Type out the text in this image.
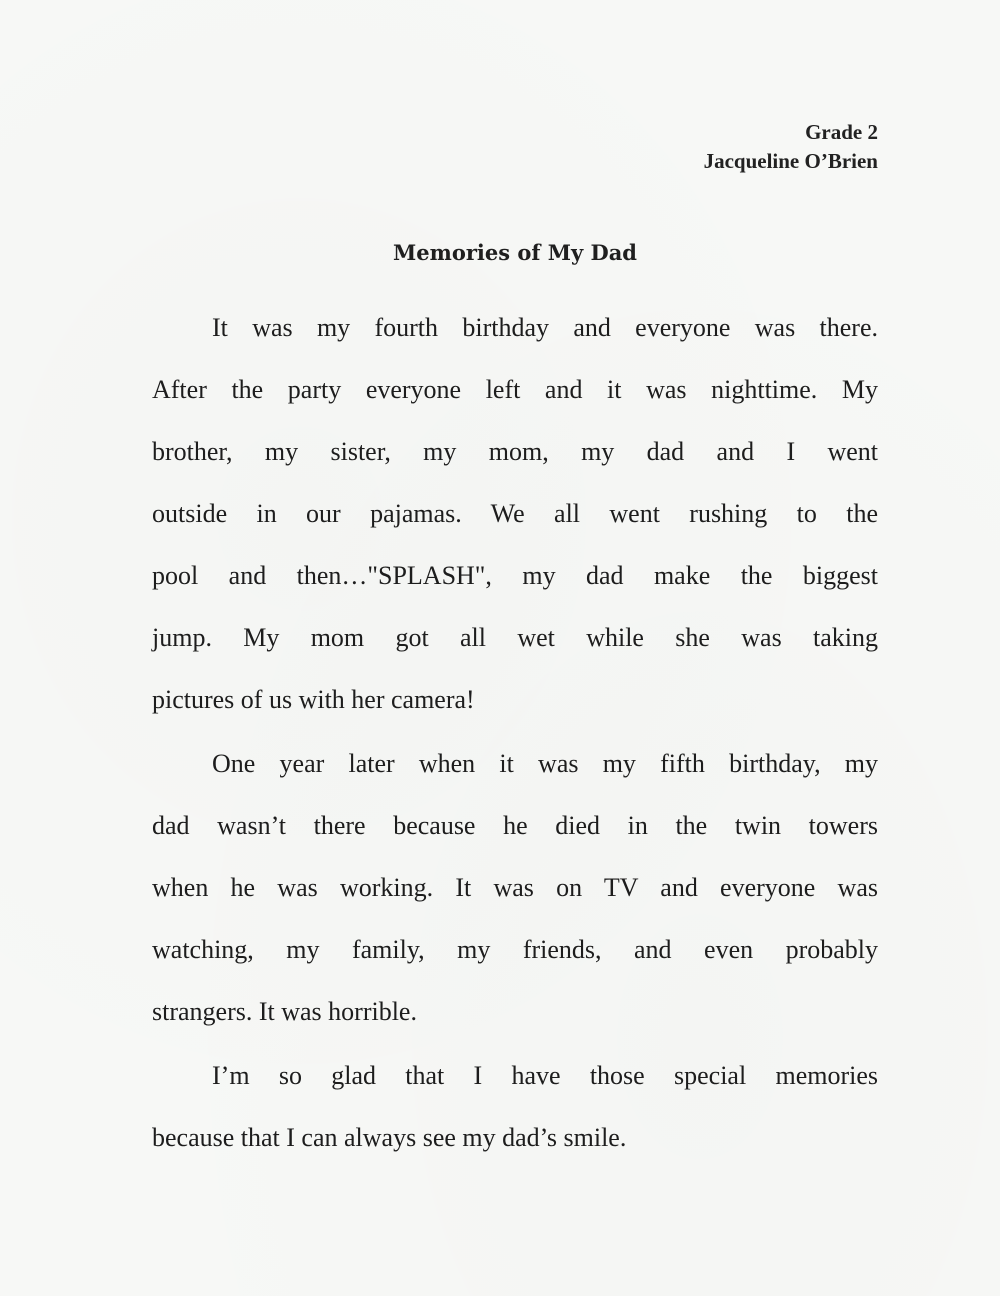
Grade 2
Jacqueline O’Brien
Memories of My Dad
It was my fourth birthday and everyone was there.
After the party everyone left and it was nighttime. My
brother, my sister, my mom, my dad and I went
outside in our pajamas. We all went rushing to the
pool and then…"SPLASH", my dad make the biggest
jump. My mom got all wet while she was taking
pictures of us with her camera!
One year later when it was my fifth birthday, my
dad wasn’t there because he died in the twin towers
when he was working. It was on TV and everyone was
watching, my family, my friends, and even probably
strangers. It was horrible.
I’m so glad that I have those special memories
because that I can always see my dad’s smile.
